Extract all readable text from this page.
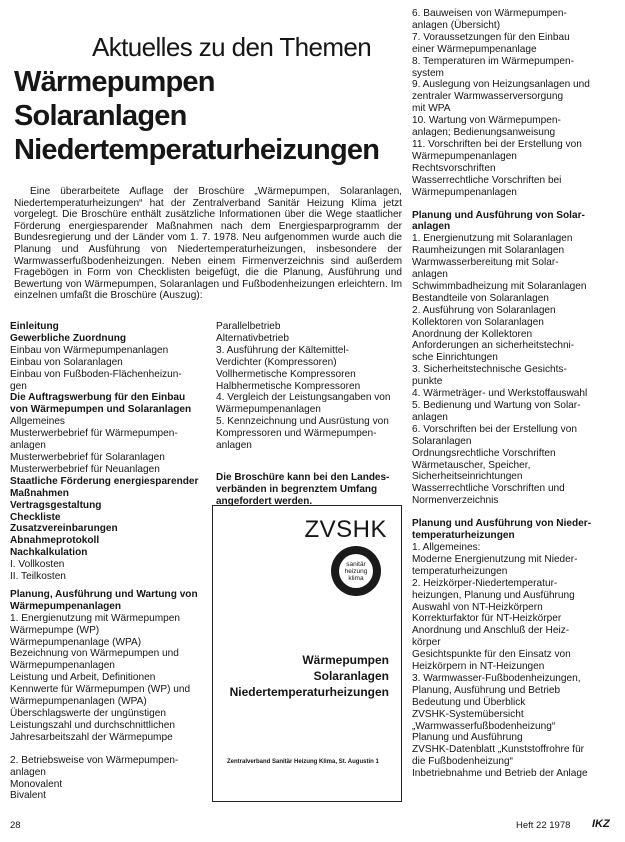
Aktuelles zu den Themen
Wärmepumpen
Solaranlagen
Niedertemperaturheizungen

Eine überarbeitete Auflage der Broschüre „Wärmepumpen, Solaranlagen, Niedertemperaturheizungen“ hat der Zentralverband Sanitär Heizung Klima jetzt vorgelegt. Die Broschüre enthält zusätzliche Informationen über die Wege staatlicher Förderung energiesparender Maßnahmen nach dem Energiesparprogramm der Bundesregierung und der Länder vom 1. 7. 1978. Neu aufgenommen wurde auch die Planung und Ausführung von Niedertemperaturheizungen, insbesondere der Warmwasserfußbodenheizungen. Neben einem Firmenverzeichnis sind außerdem Fragebögen in Form von Checklisten beigefügt, die die Planung, Ausführung und Bewertung von Wärmepumpen, Solaranlagen und Fußbodenheizungen erleichtern. Im einzelnen umfaßt die Broschüre (Auszug):

Einleitung
Gewerbliche Zuordnung
Einbau von Wärmepumpenanlagen
Einbau von Solaranlagen
Einbau von Fußboden-Flächenheizun-
gen
Die Auftragswerbung für den Einbau
von Wärmepumpen und Solaranlagen
Allgemeines
Musterwerbebrief für Wärmepumpen-
anlagen
Musterwerbebrief für Solaranlagen
Musterwerbebrief für Neuanlagen
Staatliche Förderung energiesparender
Maßnahmen
Vertragsgestaltung
Checkliste
Zusatzvereinbarungen
Abnahmeprotokoll
Nachkalkulation
I. Vollkosten
II. Teilkosten
Planung, Ausführung und Wartung von
Wärmepumpenanlagen
1. Energienutzung mit Wärmepumpen
Wärmepumpe (WP)
Wärmepumpenanlage (WPA)
Bezeichnung von Wärmepumpen und
Wärmepumpenanlagen
Leistung und Arbeit, Definitionen
Kennwerte für Wärmepumpen (WP) und
Wärmepumpenanlagen (WPA)
Überschlagswerte der ungünstigen
Leistungszahl und durchschnittlichen
Jahresarbeitszahl der Wärmepumpe
2. Betriebsweise von Wärmepumpen-
anlagen
Monovalent
Bivalent
Parallelbetrieb
Alternativbetrieb
3. Ausführung der Kältemittel-
Verdichter (Kompressoren)
Vollhermetische Kompressoren
Halbhermetische Kompressoren
4. Vergleich der Leistungsangaben von
Wärmepumpenanlagen
5. Kennzeichnung und Ausrüstung von
Kompressoren und Wärmepumpen-
anlagen
Die Broschüre kann bei den Landes-
verbänden in begrenztem Umfang
angefordert werden.
ZVSHK
sanitär
heizung
klima
Wärmepumpen
Solaranlagen
Niedertemperaturheizungen
Zentralverband Sanitär Heizung Klima, St. Augustin 1
6. Bauweisen von Wärmepumpen-
anlagen (Übersicht)
7. Voraussetzungen für den Einbau
einer Wärmepumpenanlage
8. Temperaturen im Wärmepumpen-
system
9. Auslegung von Heizungsanlagen und
zentraler Warmwasserversorgung
mit WPA
10. Wartung von Wärmepumpen-
anlagen; Bedienungsanweisung
11. Vorschriften bei der Erstellung von
Wärmepumpenanlagen
Rechtsvorschriften
Wasserrechtliche Vorschriften bei
Wärmepumpenanlagen
Planung und Ausführung von Solar-
anlagen
1. Energienutzung mit Solaranlagen
Raumheizungen mit Solaranlagen
Warmwasserbereitung mit Solar-
anlagen
Schwimmbadheizung mit Solaranlagen
Bestandteile von Solaranlagen
2. Ausführung von Solaranlagen
Kollektoren von Solaranlagen
Anordnung der Kollektoren
Anforderungen an sicherheitstechni-
sche Einrichtungen
3. Sicherheitstechnische Gesichts-
punkte
4. Wärmeträger- und Werkstoffauswahl
5. Bedienung und Wartung von Solar-
anlagen
6. Vorschriften bei der Erstellung von
Solaranlagen
Ordnungsrechtliche Vorschriften
Wärmetauscher, Speicher,
Sicherheitseinrichtungen
Wasserrechtliche Vorschriften und
Normenverzeichnis
Planung und Ausführung von Nieder-
temperaturheizungen
1. Allgemeines:
Moderne Energienutzung mit Nieder-
temperaturheizungen
2. Heizkörper-Niedertemperatur-
heizungen, Planung und Ausführung
Auswahl von NT-Heizkörpern
Korrekturfaktor für NT-Heizkörper
Anordnung und Anschluß der Heiz-
körper
Gesichtspunkte für den Einsatz von
Heizkörpern in NT-Heizungen
3. Warmwasser-Fußbodenheizungen,
Planung, Ausführung und Betrieb
Bedeutung und Überblick
ZVSHK-Systemübersicht
„Warmwasserfußbodenheizung“
Planung und Ausführung
ZVSHK-Datenblatt „Kunststoffrohre für
die Fußbodenheizung“
Inbetriebnahme und Betrieb der Anlage
28	Heft 22 1978 IKZ
